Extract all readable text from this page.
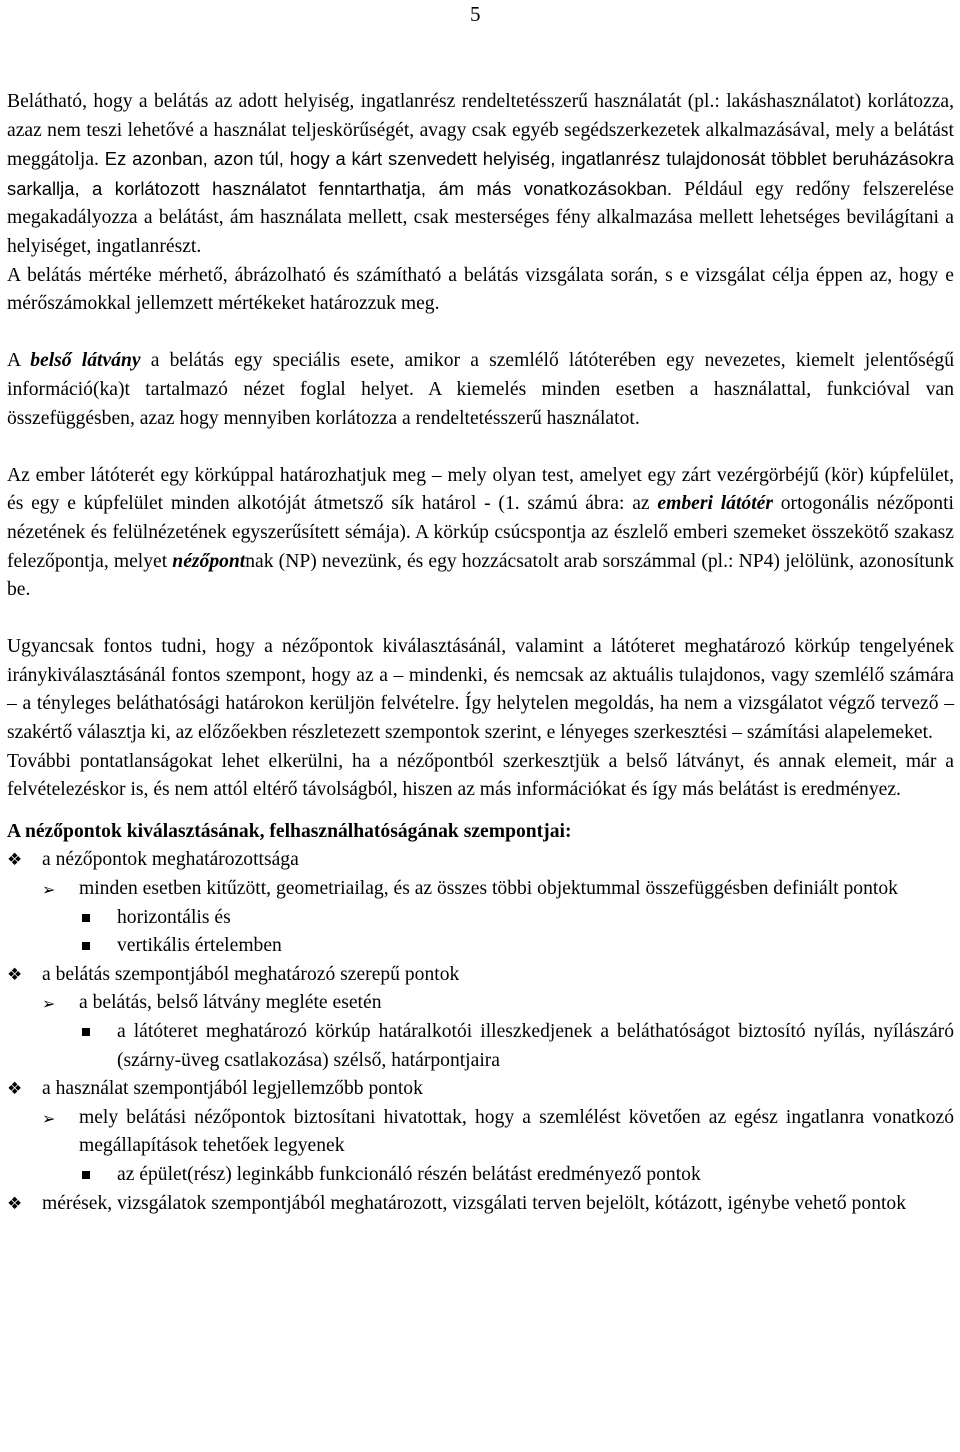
5

Belátható, hogy a belátás az adott helyiség, ingatlanrész rendeltetésszerű használatát (pl.: lakáshasználatot) korlátozza, azaz nem teszi lehetővé a használat teljeskörűségét, avagy csak egyéb segédszerkezetek alkalmazásával, mely a belátást meggátolja. Ez azonban, azon túl, hogy a kárt szenvedett helyiség, ingatlanrész tulajdonosát többlet beruházásokra sarkallja, a korlátozott használatot fenntarthatja, ám más vonatkozásokban. Például egy redőny felszerelése megakadályozza a belátást, ám használata mellett, csak mesterséges fény alkalmazása mellett lehetséges bevilágítani a helyiséget, ingatlanrészt.

A belátás mértéke mérhető, ábrázolható és számítható a belátás vizsgálata során, s e vizsgálat célja éppen az, hogy e mérőszámokkal jellemzett mértékeket határozzuk meg.

A belső látvány a belátás egy speciális esete, amikor a szemlélő látóterében egy nevezetes, kiemelt jelentőségű információ(ka)t tartalmazó nézet foglal helyet. A kiemelés minden esetben a használattal, funkcióval van összefüggésben, azaz hogy mennyiben korlátozza a rendeltetésszerű használatot.

Az ember látóterét egy körkúppal határozhatjuk meg – mely olyan test, amelyet egy zárt vezérgörbéjű (kör) kúpfelület, és egy e kúpfelület minden alkotóját átmetsző sík határol - (1. számú ábra: az emberi látótér ortogonális nézőponti nézetének és felülnézetének egyszerűsített sémája). A körkúp csúcspontja az észlelő emberi szemeket összekötő szakasz felezőpontja, melyet nézőpontnak (NP) nevezünk, és egy hozzácsatolt arab sorszámmal (pl.: NP4) jelölünk, azonosítunk be.

Ugyancsak fontos tudni, hogy a nézőpontok kiválasztásánál, valamint a látóteret meghatározó körkúp tengelyének iránykiválasztásánál fontos szempont, hogy az a – mindenki, és nemcsak az aktuális tulajdonos, vagy szemlélő számára – a tényleges beláthatósági határokon kerüljön felvételre. Így helytelen megoldás, ha nem a vizsgálatot végző tervező – szakértő választja ki, az előzőekben részletezett szempontok szerint, e lényeges szerkesztési – számítási alapelemeket.

További pontatlanságokat lehet elkerülni, ha a nézőpontból szerkesztjük a belső látványt, és annak elemeit, már a felvételezéskor is, és nem attól eltérő távolságból, hiszen az más információkat és így más belátást is eredményez.

A nézőpontok kiválasztásának, felhasználhatóságának szempontjai:
❖ a nézőpontok meghatározottsága
➢ minden esetben kitűzött, geometriailag, és az összes többi objektummal összefüggésben definiált pontok
horizontális és
vertikális értelemben
❖ a belátás szempontjából meghatározó szerepű pontok
➢ a belátás, belső látvány megléte esetén
a látóteret meghatározó körkúp határalkotói illeszkedjenek a beláthatóságot biztosító nyílás, nyílászáró (szárny-üveg csatlakozása) szélső, határpontjaira
❖ a használat szempontjából legjellemzőbb pontok
➢ mely belátási nézőpontok biztosítani hivatottak, hogy a szemlélést követően az egész ingatlanra vonatkozó megállapítások tehetőek legyenek
az épület(rész) leginkább funkcionáló részén belátást eredményező pontok
❖ mérések, vizsgálatok szempontjából meghatározott, vizsgálati terven bejelölt, kótázott, igénybe vehető pontok
